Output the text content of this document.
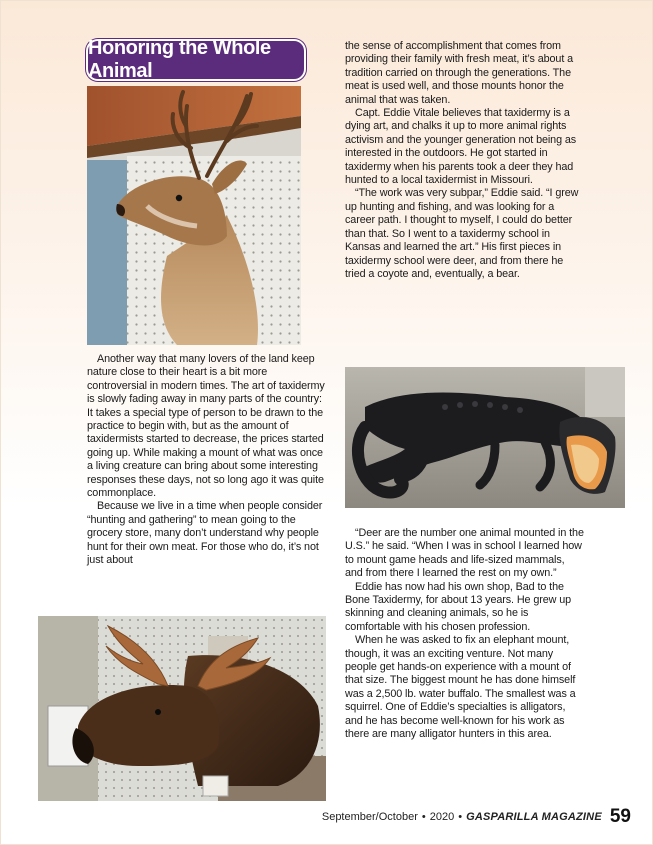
Honoring the Whole Animal

Another way that many lovers of the land keep nature close to their heart is a bit more controversial in modern times. The art of taxidermy is slowly fading away in many parts of the country: It takes a special type of person to be drawn to the practice to begin with, but as the amount of taxidermists started to decrease, the prices started going up. While making a mount of what was once a living creature can bring about some interesting responses these days, not so long ago it was quite commonplace.

Because we live in a time when people consider “hunting and gathering” to mean going to the grocery store, many don’t understand why people hunt for their own meat. For those who do, it’s not just about

the sense of accomplishment that comes from providing their family with fresh meat, it’s about a tradition carried on through the generations. The meat is used well, and those mounts honor the animal that was taken.

Capt. Eddie Vitale believes that taxidermy is a dying art, and chalks it up to more animal rights activism and the younger generation not being as interested in the outdoors. He got started in taxidermy when his parents took a deer they had hunted to a local taxidermist in Missouri.

“The work was very subpar,” Eddie said. “I grew up hunting and fishing, and was looking for a career path. I thought to myself, I could do better than that. So I went to a taxidermy school in Kansas and learned the art.” His first pieces in taxidermy school were deer, and from there he tried a coyote and, eventually, a bear.

“Deer are the number one animal mounted in the U.S.” he said. “When I was in school I learned how to mount game heads and life-sized mammals, and from there I learned the rest on my own.”

Eddie has now had his own shop, Bad to the Bone Taxidermy, for about 13 years. He grew up skinning and cleaning animals, so he is comfortable with his chosen profession.

When he was asked to fix an elephant mount, though, it was an exciting venture. Not many people get hands-on experience with a mount of that size. The biggest mount he has done himself was a 2,500 lb. water buffalo. The smallest was a squirrel. One of Eddie’s specialties is alligators, and he has become well-known for his work as there are many alligator hunters in this area.

September/October • 2020 • GASPARILLA MAGAZINE 59
